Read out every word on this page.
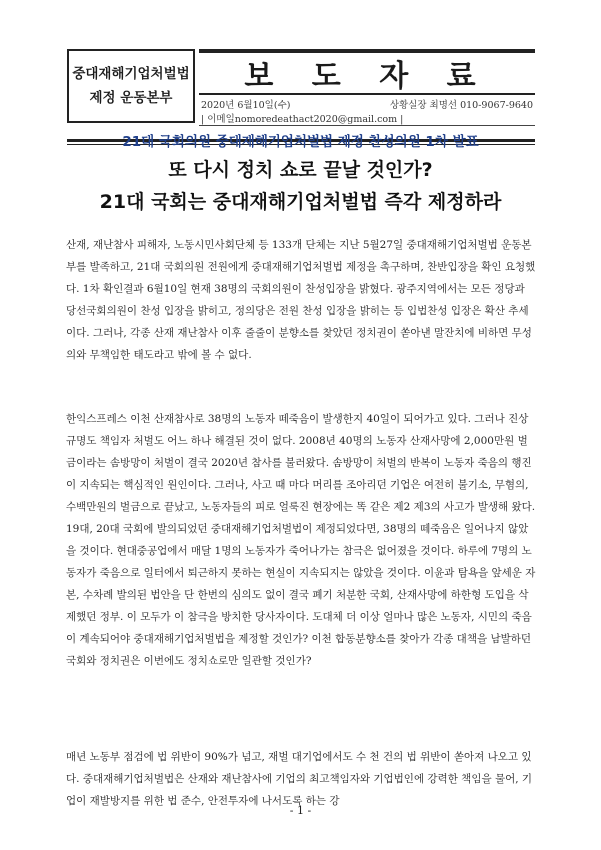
중대재해기업처벌법
제정 운동본부
보 도 자 료
2020년 6월10일(수)	상황실장 최명선 010-9067-9640
| 이메일nomoredeathact2020@gmail.com |
21대 국회의원 중대재해기업처벌법 제정 찬성의원 1차 발표
또 다시 정치 쇼로 끝날 것인가?
21대 국회는 중대재해기업처벌법 즉각 제정하라

산재, 재난참사 피해자, 노동시민사회단체 등 133개 단체는 지난 5월27일 중대재해기업처벌법 운동본부를 발족하고, 21대 국회의원 전원에게 중대재해기업처벌법 제정을 촉구하며, 찬반입장을 확인 요청했다. 1차 확인결과 6월10일 현재 38명의 국회의원이 찬성입장을 밝혔다. 광주지역에서는 모든 정당과 당선국회의원이 찬성 입장을 밝히고, 정의당은 전원 찬성 입장을 밝히는 등 입법찬성 입장은 확산 추세이다. 그러나, 각종 산재 재난참사 이후 줄줄이 분향소를 찾았던 정치권이 쏟아낸 말잔치에 비하면 무성의와 무책임한 태도라고 밖에 볼 수 없다.

한익스프레스 이천 산재참사로 38명의 노동자 떼죽음이 발생한지 40일이 되어가고 있다. 그러나 진상규명도 책임자 처벌도 어느 하나 해결된 것이 없다. 2008년 40명의 노동자 산재사망에 2,000만원 벌금이라는 솜방망이 처벌이 결국 2020년 참사를 불러왔다. 솜방망이 처벌의 반복이 노동자 죽음의 행진이 지속되는 핵심적인 원인이다. 그러나, 사고 때 마다 머리를 조아리던 기업은 여전히 불기소, 무혐의, 수백만원의 벌금으로 끝났고, 노동자들의 피로 얼룩진 현장에는 똑 같은 제2 제3의 사고가 발생해 왔다. 19대, 20대 국회에 발의되었던 중대재해기업처벌법이 제정되었다면, 38명의 떼죽음은 일어나지 않았을 것이다. 현대중공업에서 매달 1명의 노동자가 죽어나가는 참극은 없어졌을 것이다. 하루에 7명의 노동자가 죽음으로 일터에서 퇴근하지 못하는 현실이 지속되지는 않았을 것이다. 이윤과 탐욕을 앞세운 자본, 수차례 발의된 법안을 단 한번의 심의도 없이 결국 폐기 처분한 국회, 산재사망에 하한형 도입을 삭제했던 정부. 이 모두가 이 참극을 방치한 당사자이다. 도대체 더 이상 얼마나 많은 노동자, 시민의 죽음이 계속되어야 중대재해기업처벌법을 제정할 것인가? 이천 합동분향소를 찾아가 각종 대책을 남발하던 국회와 정치권은 이번에도 정치쇼로만 일관할 것인가?

매년 노동부 점검에 법 위반이 90%가 넘고, 재벌 대기업에서도 수 천 건의 법 위반이 쏟아져 나오고 있다. 중대재해기업처벌법은 산재와 재난참사에 기업의 최고책임자와 기업법인에 강력한 책임을 물어, 기업이 재발방지를 위한 법 준수, 안전투자에 나서도록 하는 강

- 1 -
